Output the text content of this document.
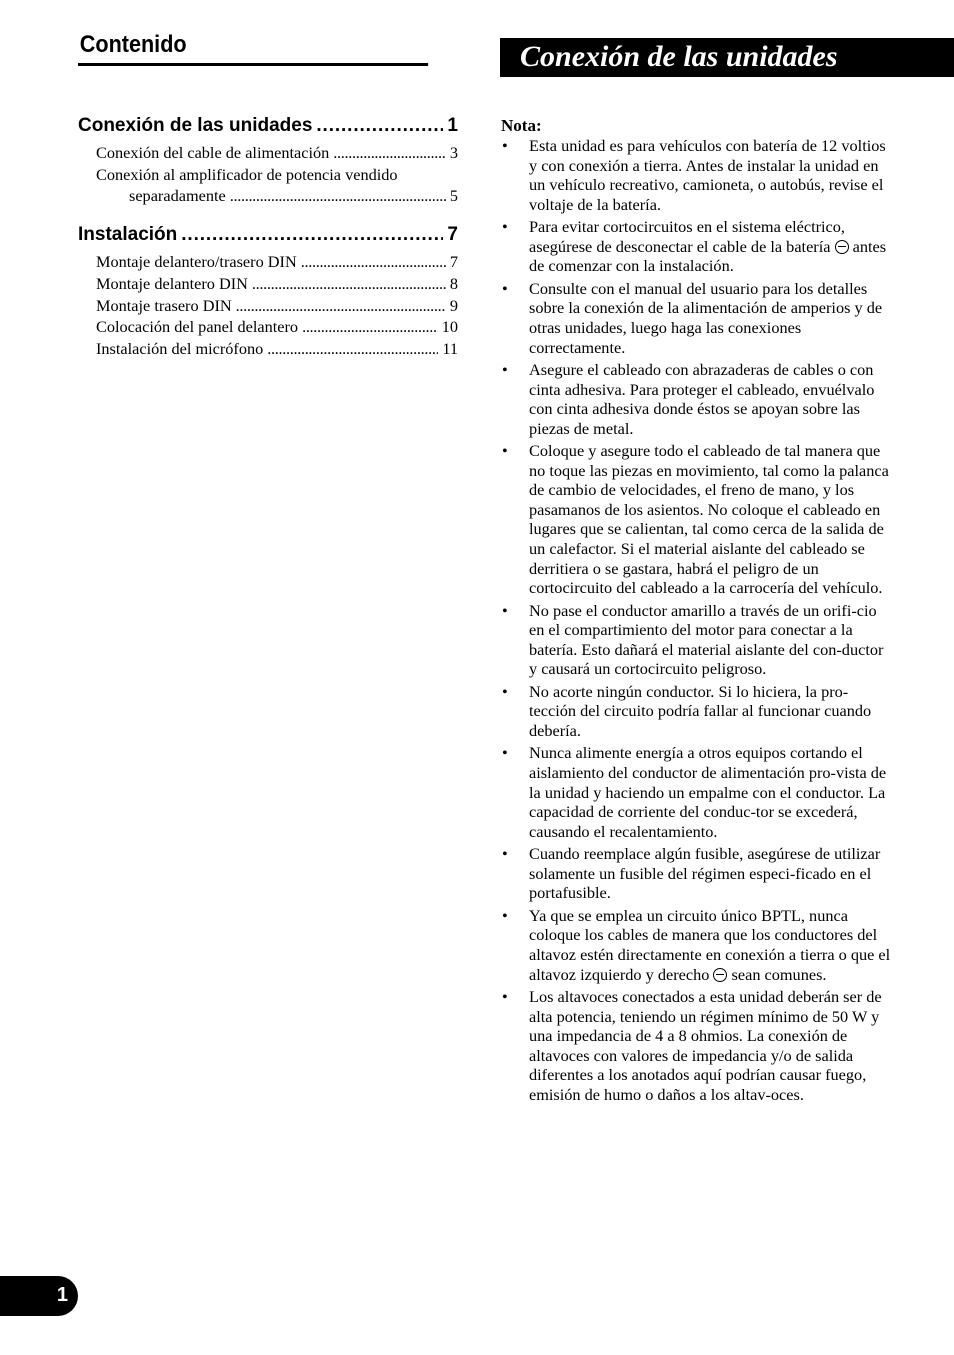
Contenido
Conexión de las unidades . . .	1
Conexión del cable de alimentación . . .	3
Conexión al amplificador de potencia vendido
separadamente . . .	5
Instalación . . .	7
Montaje delantero/trasero DIN . . .	7
Montaje delantero DIN . . .	8
Montaje trasero DIN . . .	9
Colocación del panel delantero . . .	10
Instalación del micrófono . . .	11
Conexión de las unidades
Nota:
• Esta unidad es para vehículos con batería de 12 voltios y con conexión a tierra. Antes de instalar la unidad en un vehículo recreativo, camioneta, o autobús, revise el voltaje de la batería.
• Para evitar cortocircuitos en el sistema eléctrico, asegúrese de desconectar el cable de la batería antes de comenzar con la instalación.
• Consulte con el manual del usuario para los detalles sobre la conexión de la alimentación de amperios y de otras unidades, luego haga las conexiones correctamente.
• Asegure el cableado con abrazaderas de cables o con cinta adhesiva. Para proteger el cableado, envuélvalo con cinta adhesiva donde éstos se apoyan sobre las piezas de metal.
• Coloque y asegure todo el cableado de tal manera que no toque las piezas en movimiento, tal como la palanca de cambio de velocidades, el freno de mano, y los pasamanos de los asientos. No coloque el cableado en lugares que se calientan, tal como cerca de la salida de un calefactor. Si el material aislante del cableado se derritiera o se gastara, habrá el peligro de un cortocircuito del cableado a la carrocería del vehículo.
• No pase el conductor amarillo a través de un orifi-cio en el compartimiento del motor para conectar a la batería. Esto dañará el material aislante del con-ductor y causará un cortocircuito peligroso.
• No acorte ningún conductor. Si lo hiciera, la pro-tección del circuito podría fallar al funcionar cuando debería.
• Nunca alimente energía a otros equipos cortando el aislamiento del conductor de alimentación pro-vista de la unidad y haciendo un empalme con el conductor. La capacidad de corriente del conduc-tor se excederá, causando el recalentamiento.
• Cuando reemplace algún fusible, asegúrese de utilizar solamente un fusible del régimen especi-ficado en el portafusible.
• Ya que se emplea un circuito único BPTL, nunca coloque los cables de manera que los conductores del altavoz estén directamente en conexión a tierra o que el altavoz izquierdo y derecho sean comunes.
• Los altavoces conectados a esta unidad deberán ser de alta potencia, teniendo un régimen mínimo de 50 W y una impedancia de 4 a 8 ohmios. La conexión de altavoces con valores de impedancia y/o de salida diferentes a los anotados aquí podrían causar fuego, emisión de humo o daños a los altav-oces.
1
